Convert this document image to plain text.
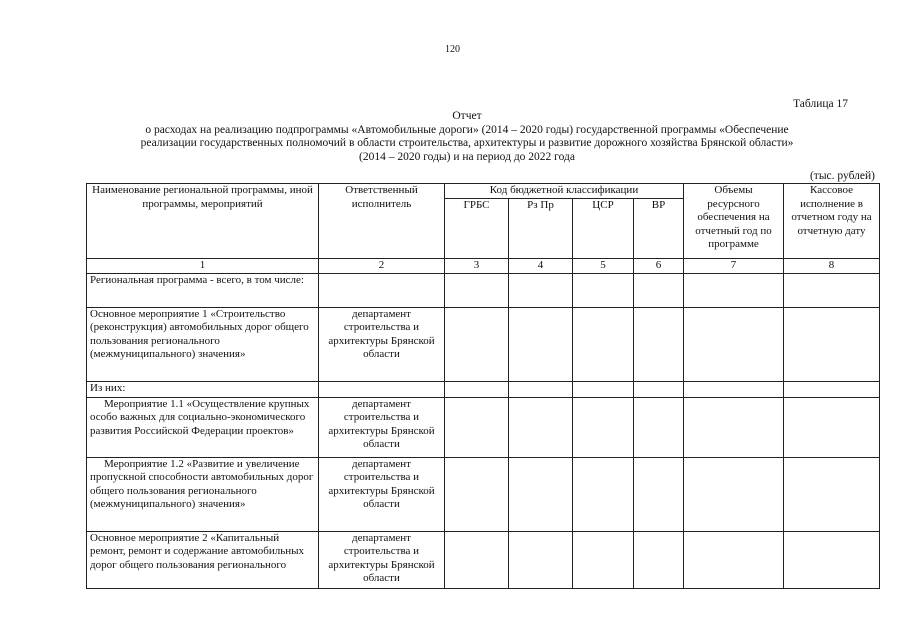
120
Таблица 17
Отчет
о расходах на реализацию подпрограммы «Автомобильные дороги» (2014 – 2020 годы) государственной программы «Обеспечение
реализации государственных полномочий в области строительства, архитектуры и развитие дорожного хозяйства Брянской области»
(2014 – 2020 годы) и на период до 2022 года
(тыс. рублей)
Наименование региональной программы, иной программы, мероприятий	Ответственный исполнитель	Код бюджетной классификации				Объемы ресурсного обеспечения на отчетный год по программе	Кассовое исполнение в отчетном году на отчетную дату
		ГРБС	Рз Пр	ЦСР	ВР		
1	2	3	4	5	6	7	8
Региональная программа - всего, в том числе:							
Основное мероприятие 1 «Строительство (реконструкция) автомобильных дорог общего пользования регионального (межмуниципального) значения»	департамент строительства и архитектуры Брянской области						
Из них:							
Мероприятие 1.1 «Осуществление крупных особо важных для социально-экономического развития Российской Федерации проектов»	департамент строительства и архитектуры Брянской области						
Мероприятие 1.2 «Развитие и увеличение пропускной способности автомобильных дорог общего пользования регионального (межмуниципального) значения»	департамент строительства и архитектуры Брянской области						
Основное мероприятие 2 «Капитальный ремонт, ремонт и содержание автомобильных дорог общего пользования регионального	департамент строительства и архитектуры Брянской области						
